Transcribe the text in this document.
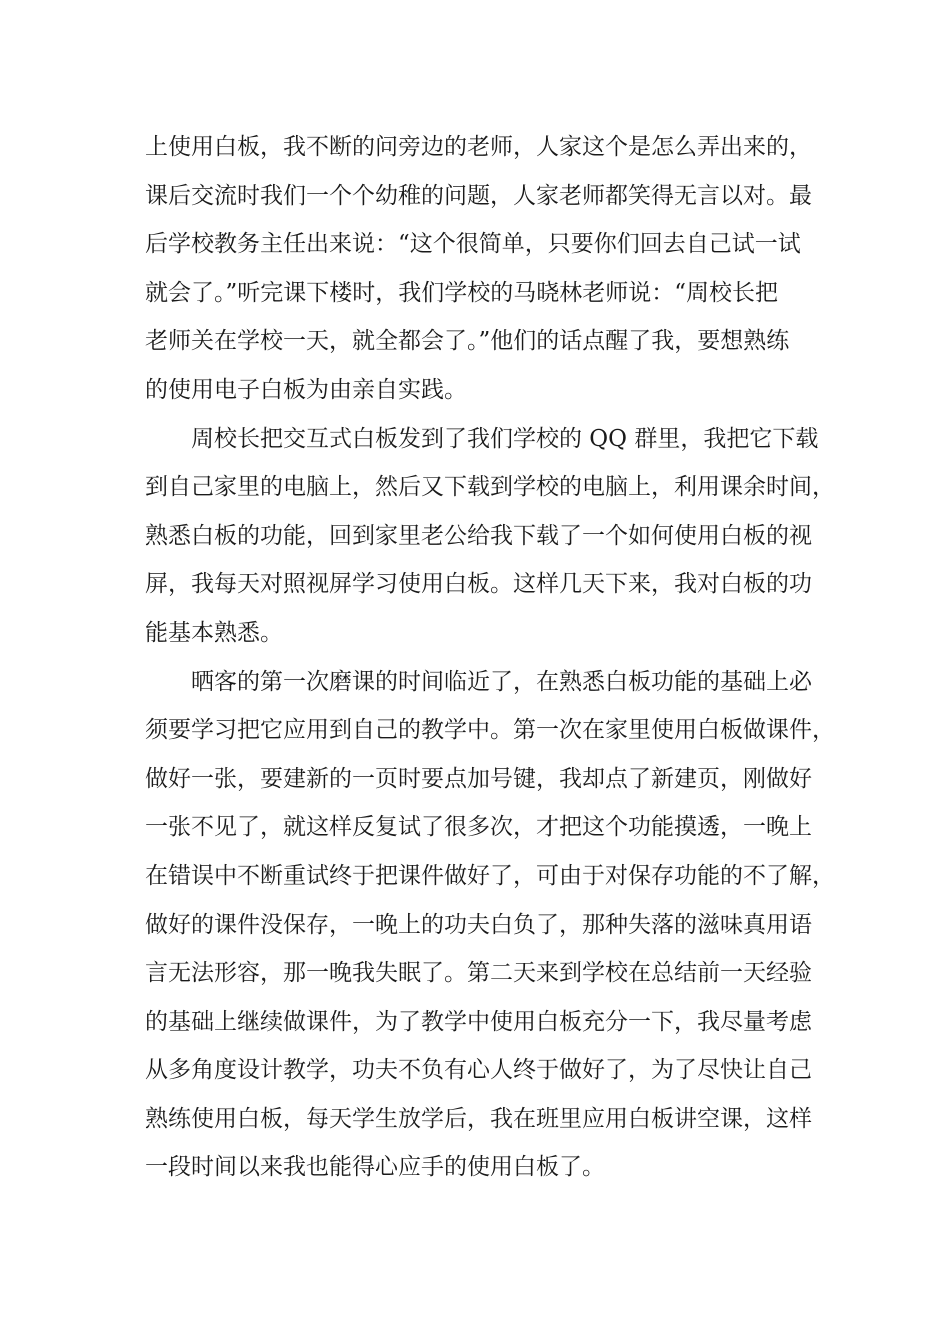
上使用白板，我不断的问旁边的老师，人家这个是怎么弄出来的，
课后交流时我们一个个幼稚的问题，人家老师都笑得无言以对。最
后学校教务主任出来说：“这个很简单，只要你们回去自己试一试
就会了。”听完课下楼时，我们学校的马晓林老师说：“周校长把
老师关在学校一天，就全都会了。”他们的话点醒了我，要想熟练
的使用电子白板为由亲自实践。
周校长把交互式白板发到了我们学校的 QQ 群里，我把它下载
到自己家里的电脑上，然后又下载到学校的电脑上，利用课余时间，
熟悉白板的功能，回到家里老公给我下载了一个如何使用白板的视
屏，我每天对照视屏学习使用白板。这样几天下来，我对白板的功
能基本熟悉。
晒客的第一次磨课的时间临近了，在熟悉白板功能的基础上必
须要学习把它应用到自己的教学中。第一次在家里使用白板做课件，
做好一张，要建新的一页时要点加号键，我却点了新建页，刚做好
一张不见了，就这样反复试了很多次，才把这个功能摸透，一晚上
在错误中不断重试终于把课件做好了，可由于对保存功能的不了解，
做好的课件没保存，一晚上的功夫白负了，那种失落的滋味真用语
言无法形容，那一晚我失眠了。第二天来到学校在总结前一天经验
的基础上继续做课件，为了教学中使用白板充分一下，我尽量考虑
从多角度设计教学，功夫不负有心人终于做好了，为了尽快让自己
熟练使用白板，每天学生放学后，我在班里应用白板讲空课，这样
一段时间以来我也能得心应手的使用白板了。
